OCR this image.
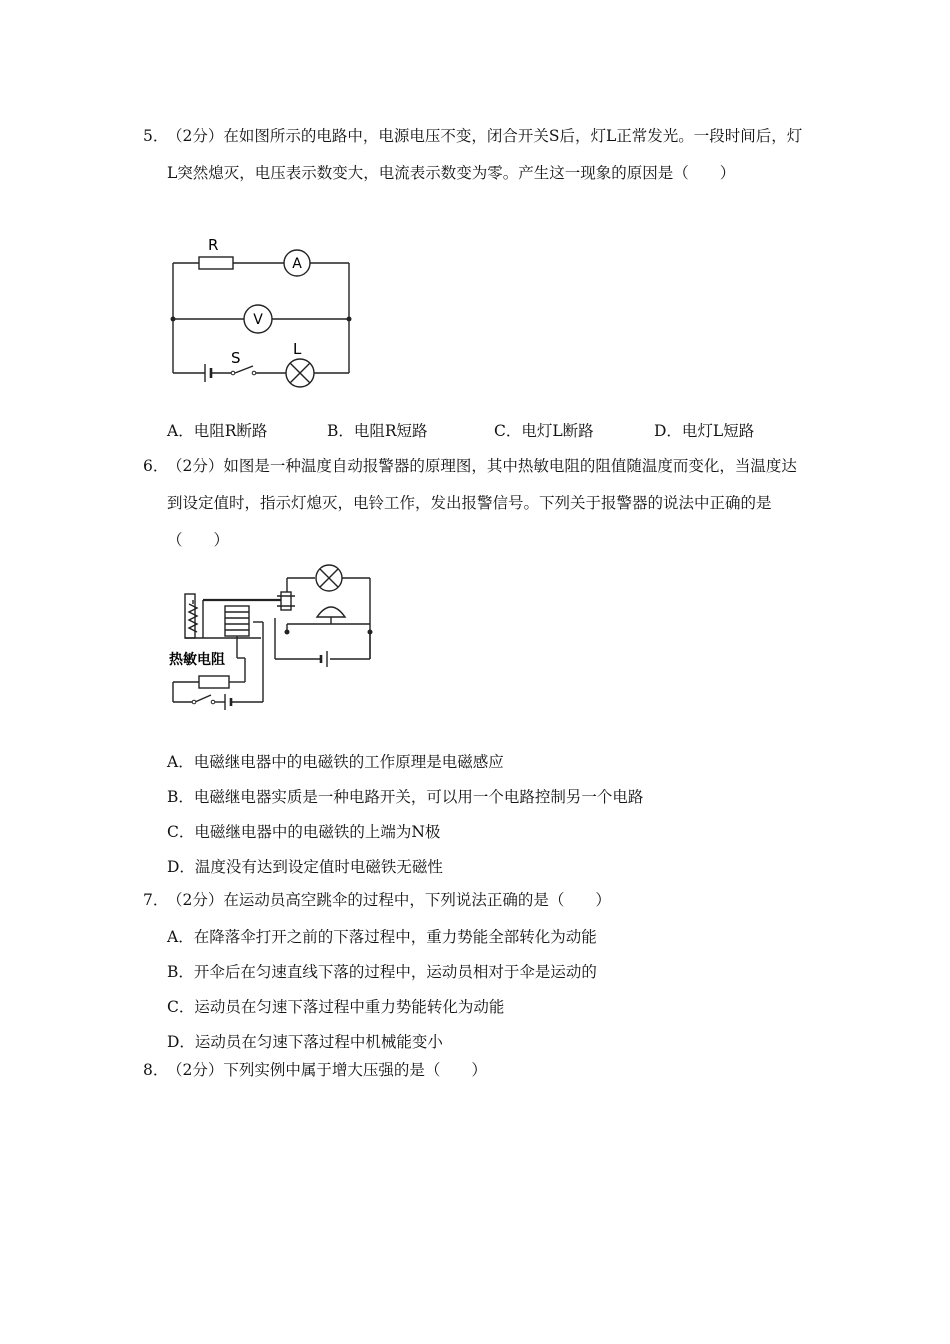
5．
（2分）在如图所示的电路中，电源电压不变，闭合开关S后，灯L正常发光。一段时间后，灯L突然熄灭，电压表示数变大，电流表示数变为零。产生这一现象的原因是（　　）
R
A
V
S	L
A．电阻R断路	B．电阻R短路	C．电灯L断路	D．电灯L短路
6．
（2分）如图是一种温度自动报警器的原理图，其中热敏电阻的阻值随温度而变化，当温度达到设定值时，指示灯熄灭，电铃工作，发出报警信号。下列关于报警器的说法中正确的是（　　）
热敏电阻
A．电磁继电器中的电磁铁的工作原理是电磁感应
B．电磁继电器实质是一种电路开关，可以用一个电路控制另一个电路
C．电磁继电器中的电磁铁的上端为N极
D．温度没有达到设定值时电磁铁无磁性
7．
（2分）在运动员高空跳伞的过程中，下列说法正确的是（　　）
A．在降落伞打开之前的下落过程中，重力势能全部转化为动能
B．开伞后在匀速直线下落的过程中，运动员相对于伞是运动的
C．运动员在匀速下落过程中重力势能转化为动能
D．运动员在匀速下落过程中机械能变小
8．
（2分）下列实例中属于增大压强的是（　　）
